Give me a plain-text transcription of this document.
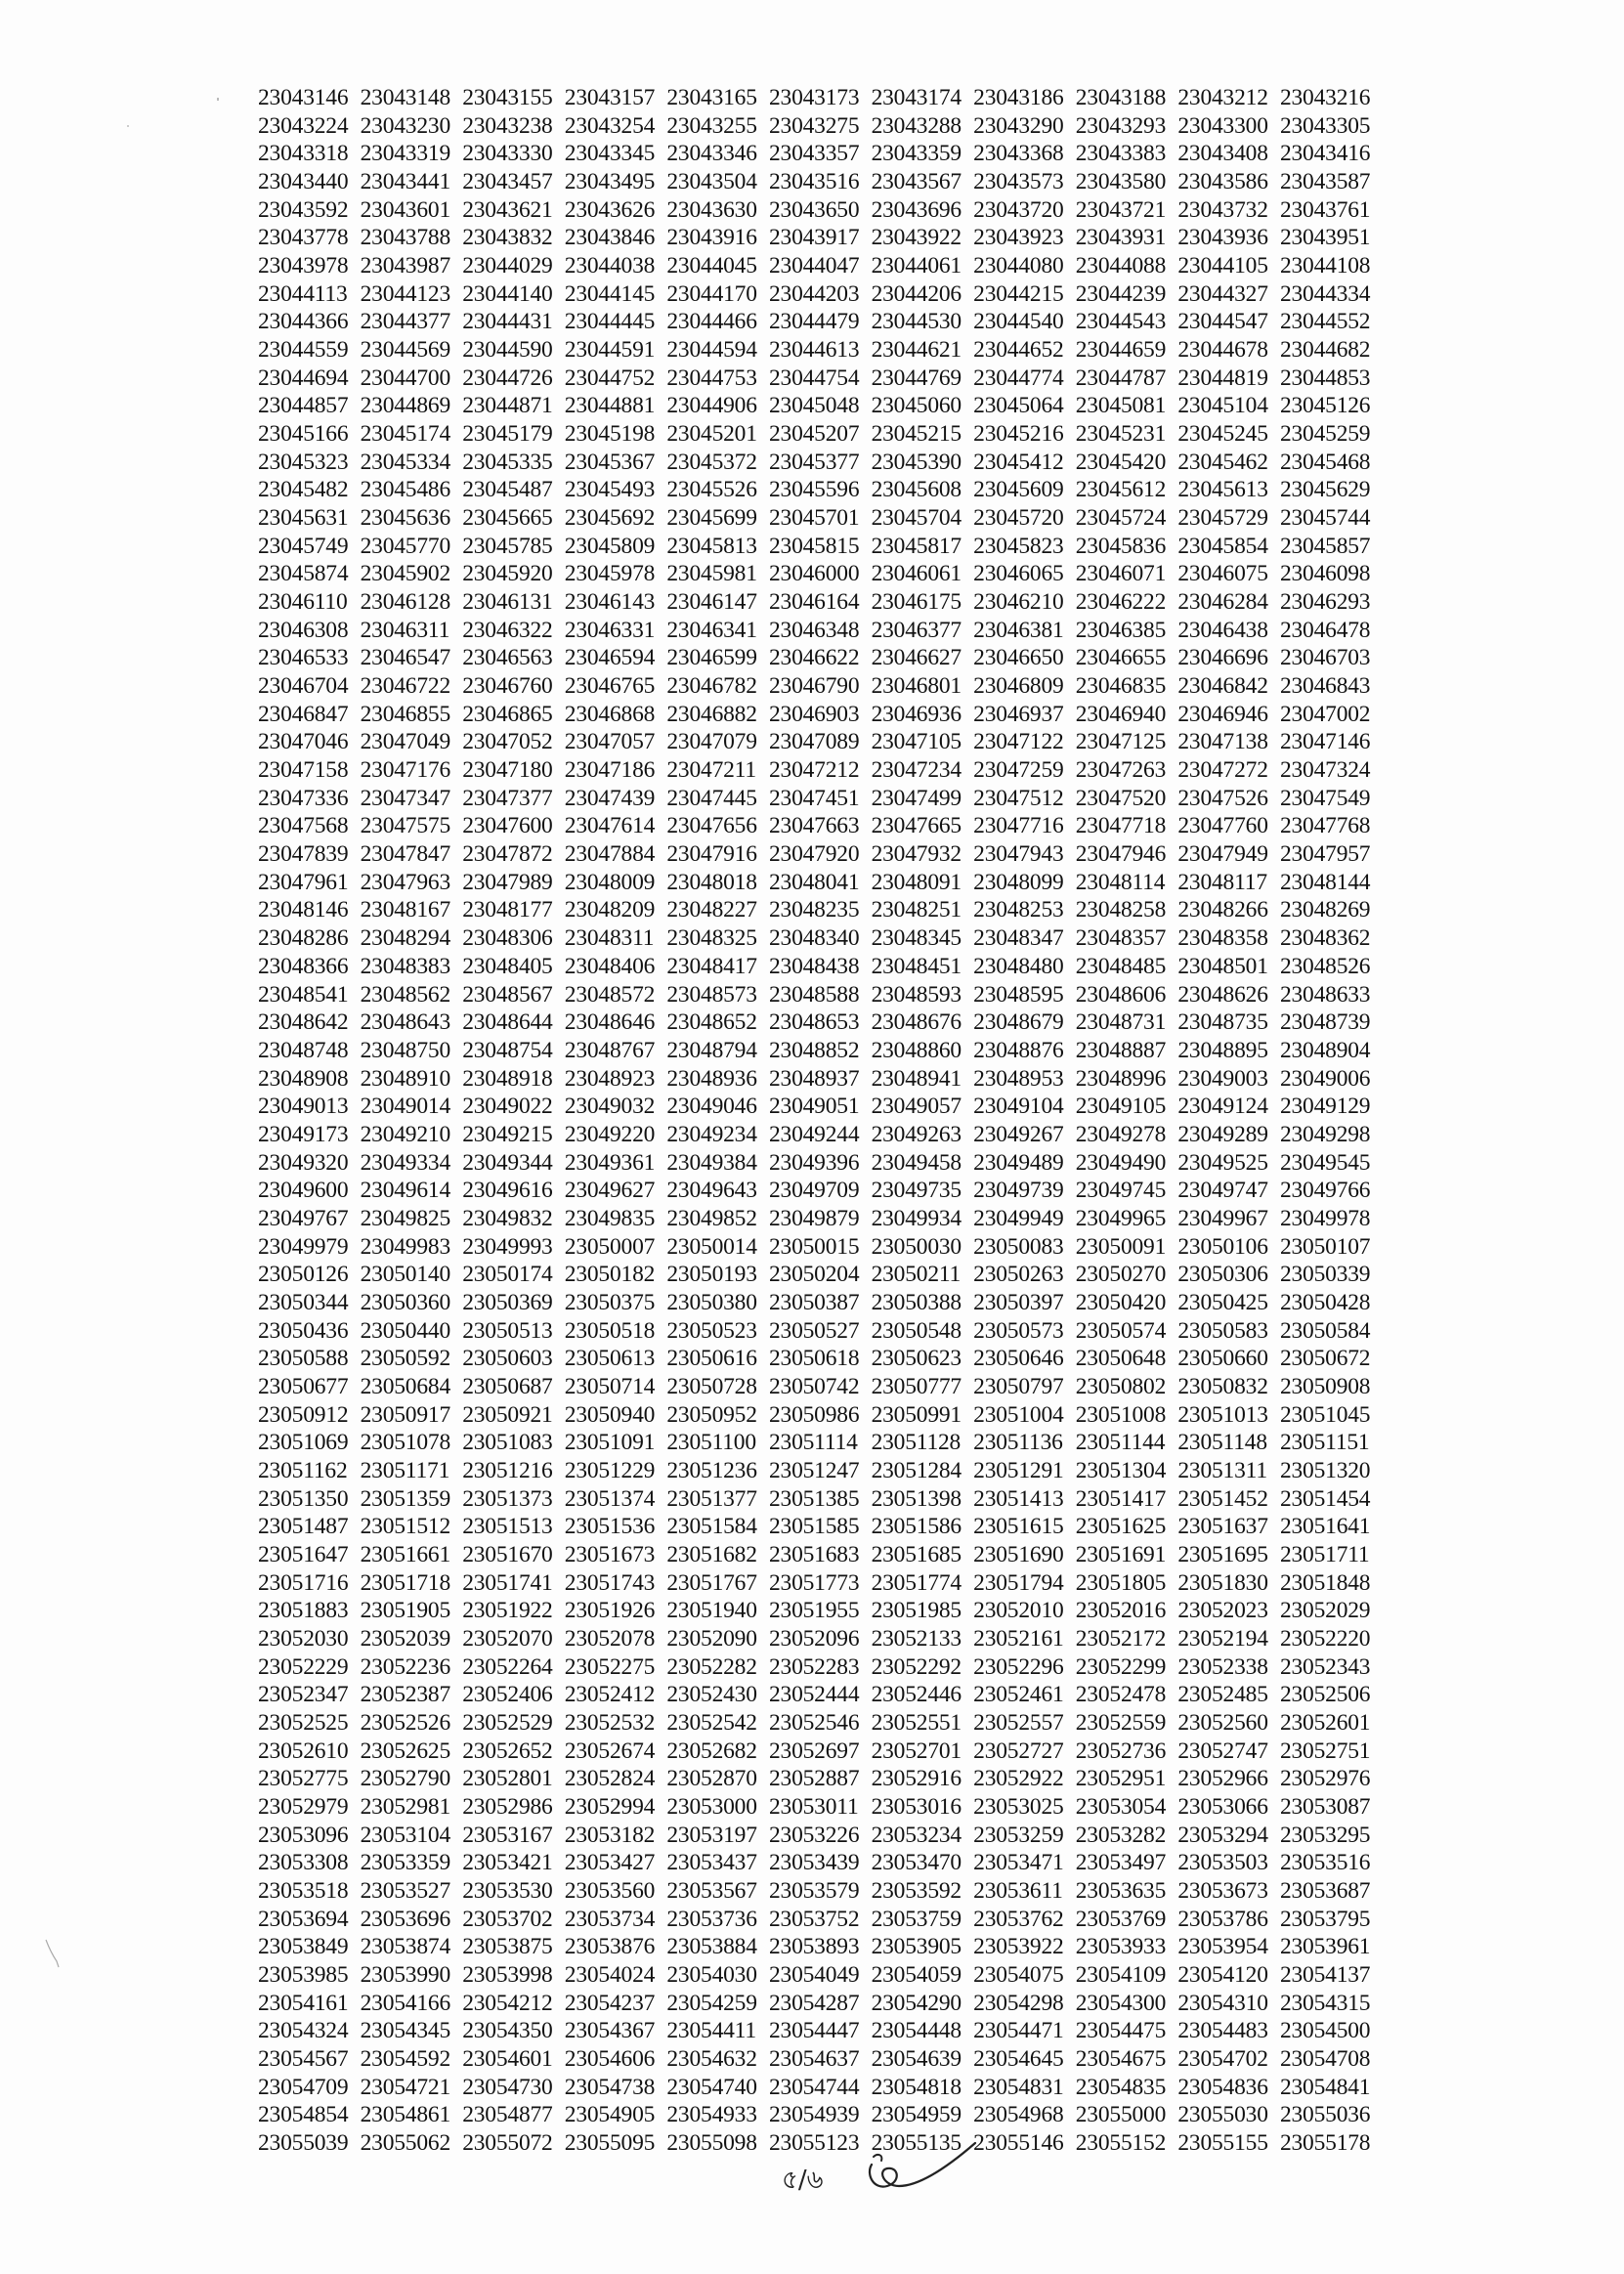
23043146	23043148	23043155	23043157	23043165	23043173	23043174	23043186	23043188	23043212	23043216
23043224	23043230	23043238	23043254	23043255	23043275	23043288	23043290	23043293	23043300	23043305
23043318	23043319	23043330	23043345	23043346	23043357	23043359	23043368	23043383	23043408	23043416
23043440	23043441	23043457	23043495	23043504	23043516	23043567	23043573	23043580	23043586	23043587
23043592	23043601	23043621	23043626	23043630	23043650	23043696	23043720	23043721	23043732	23043761
23043778	23043788	23043832	23043846	23043916	23043917	23043922	23043923	23043931	23043936	23043951
23043978	23043987	23044029	23044038	23044045	23044047	23044061	23044080	23044088	23044105	23044108
23044113	23044123	23044140	23044145	23044170	23044203	23044206	23044215	23044239	23044327	23044334
23044366	23044377	23044431	23044445	23044466	23044479	23044530	23044540	23044543	23044547	23044552
23044559	23044569	23044590	23044591	23044594	23044613	23044621	23044652	23044659	23044678	23044682
23044694	23044700	23044726	23044752	23044753	23044754	23044769	23044774	23044787	23044819	23044853
23044857	23044869	23044871	23044881	23044906	23045048	23045060	23045064	23045081	23045104	23045126
23045166	23045174	23045179	23045198	23045201	23045207	23045215	23045216	23045231	23045245	23045259
23045323	23045334	23045335	23045367	23045372	23045377	23045390	23045412	23045420	23045462	23045468
23045482	23045486	23045487	23045493	23045526	23045596	23045608	23045609	23045612	23045613	23045629
23045631	23045636	23045665	23045692	23045699	23045701	23045704	23045720	23045724	23045729	23045744
23045749	23045770	23045785	23045809	23045813	23045815	23045817	23045823	23045836	23045854	23045857
23045874	23045902	23045920	23045978	23045981	23046000	23046061	23046065	23046071	23046075	23046098
23046110	23046128	23046131	23046143	23046147	23046164	23046175	23046210	23046222	23046284	23046293
23046308	23046311	23046322	23046331	23046341	23046348	23046377	23046381	23046385	23046438	23046478
23046533	23046547	23046563	23046594	23046599	23046622	23046627	23046650	23046655	23046696	23046703
23046704	23046722	23046760	23046765	23046782	23046790	23046801	23046809	23046835	23046842	23046843
23046847	23046855	23046865	23046868	23046882	23046903	23046936	23046937	23046940	23046946	23047002
23047046	23047049	23047052	23047057	23047079	23047089	23047105	23047122	23047125	23047138	23047146
23047158	23047176	23047180	23047186	23047211	23047212	23047234	23047259	23047263	23047272	23047324
23047336	23047347	23047377	23047439	23047445	23047451	23047499	23047512	23047520	23047526	23047549
23047568	23047575	23047600	23047614	23047656	23047663	23047665	23047716	23047718	23047760	23047768
23047839	23047847	23047872	23047884	23047916	23047920	23047932	23047943	23047946	23047949	23047957
23047961	23047963	23047989	23048009	23048018	23048041	23048091	23048099	23048114	23048117	23048144
23048146	23048167	23048177	23048209	23048227	23048235	23048251	23048253	23048258	23048266	23048269
23048286	23048294	23048306	23048311	23048325	23048340	23048345	23048347	23048357	23048358	23048362
23048366	23048383	23048405	23048406	23048417	23048438	23048451	23048480	23048485	23048501	23048526
23048541	23048562	23048567	23048572	23048573	23048588	23048593	23048595	23048606	23048626	23048633
23048642	23048643	23048644	23048646	23048652	23048653	23048676	23048679	23048731	23048735	23048739
23048748	23048750	23048754	23048767	23048794	23048852	23048860	23048876	23048887	23048895	23048904
23048908	23048910	23048918	23048923	23048936	23048937	23048941	23048953	23048996	23049003	23049006
23049013	23049014	23049022	23049032	23049046	23049051	23049057	23049104	23049105	23049124	23049129
23049173	23049210	23049215	23049220	23049234	23049244	23049263	23049267	23049278	23049289	23049298
23049320	23049334	23049344	23049361	23049384	23049396	23049458	23049489	23049490	23049525	23049545
23049600	23049614	23049616	23049627	23049643	23049709	23049735	23049739	23049745	23049747	23049766
23049767	23049825	23049832	23049835	23049852	23049879	23049934	23049949	23049965	23049967	23049978
23049979	23049983	23049993	23050007	23050014	23050015	23050030	23050083	23050091	23050106	23050107
23050126	23050140	23050174	23050182	23050193	23050204	23050211	23050263	23050270	23050306	23050339
23050344	23050360	23050369	23050375	23050380	23050387	23050388	23050397	23050420	23050425	23050428
23050436	23050440	23050513	23050518	23050523	23050527	23050548	23050573	23050574	23050583	23050584
23050588	23050592	23050603	23050613	23050616	23050618	23050623	23050646	23050648	23050660	23050672
23050677	23050684	23050687	23050714	23050728	23050742	23050777	23050797	23050802	23050832	23050908
23050912	23050917	23050921	23050940	23050952	23050986	23050991	23051004	23051008	23051013	23051045
23051069	23051078	23051083	23051091	23051100	23051114	23051128	23051136	23051144	23051148	23051151
23051162	23051171	23051216	23051229	23051236	23051247	23051284	23051291	23051304	23051311	23051320
23051350	23051359	23051373	23051374	23051377	23051385	23051398	23051413	23051417	23051452	23051454
23051487	23051512	23051513	23051536	23051584	23051585	23051586	23051615	23051625	23051637	23051641
23051647	23051661	23051670	23051673	23051682	23051683	23051685	23051690	23051691	23051695	23051711
23051716	23051718	23051741	23051743	23051767	23051773	23051774	23051794	23051805	23051830	23051848
23051883	23051905	23051922	23051926	23051940	23051955	23051985	23052010	23052016	23052023	23052029
23052030	23052039	23052070	23052078	23052090	23052096	23052133	23052161	23052172	23052194	23052220
23052229	23052236	23052264	23052275	23052282	23052283	23052292	23052296	23052299	23052338	23052343
23052347	23052387	23052406	23052412	23052430	23052444	23052446	23052461	23052478	23052485	23052506
23052525	23052526	23052529	23052532	23052542	23052546	23052551	23052557	23052559	23052560	23052601
23052610	23052625	23052652	23052674	23052682	23052697	23052701	23052727	23052736	23052747	23052751
23052775	23052790	23052801	23052824	23052870	23052887	23052916	23052922	23052951	23052966	23052976
23052979	23052981	23052986	23052994	23053000	23053011	23053016	23053025	23053054	23053066	23053087
23053096	23053104	23053167	23053182	23053197	23053226	23053234	23053259	23053282	23053294	23053295
23053308	23053359	23053421	23053427	23053437	23053439	23053470	23053471	23053497	23053503	23053516
23053518	23053527	23053530	23053560	23053567	23053579	23053592	23053611	23053635	23053673	23053687
23053694	23053696	23053702	23053734	23053736	23053752	23053759	23053762	23053769	23053786	23053795
23053849	23053874	23053875	23053876	23053884	23053893	23053905	23053922	23053933	23053954	23053961
23053985	23053990	23053998	23054024	23054030	23054049	23054059	23054075	23054109	23054120	23054137
23054161	23054166	23054212	23054237	23054259	23054287	23054290	23054298	23054300	23054310	23054315
23054324	23054345	23054350	23054367	23054411	23054447	23054448	23054471	23054475	23054483	23054500
23054567	23054592	23054601	23054606	23054632	23054637	23054639	23054645	23054675	23054702	23054708
23054709	23054721	23054730	23054738	23054740	23054744	23054818	23054831	23054835	23054836	23054841
23054854	23054861	23054877	23054905	23054933	23054939	23054959	23054968	23055000	23055030	23055036
23055039	23055062	23055072	23055095	23055098	23055123	23055135	23055146	23055152	23055155	23055178
৫/৬
